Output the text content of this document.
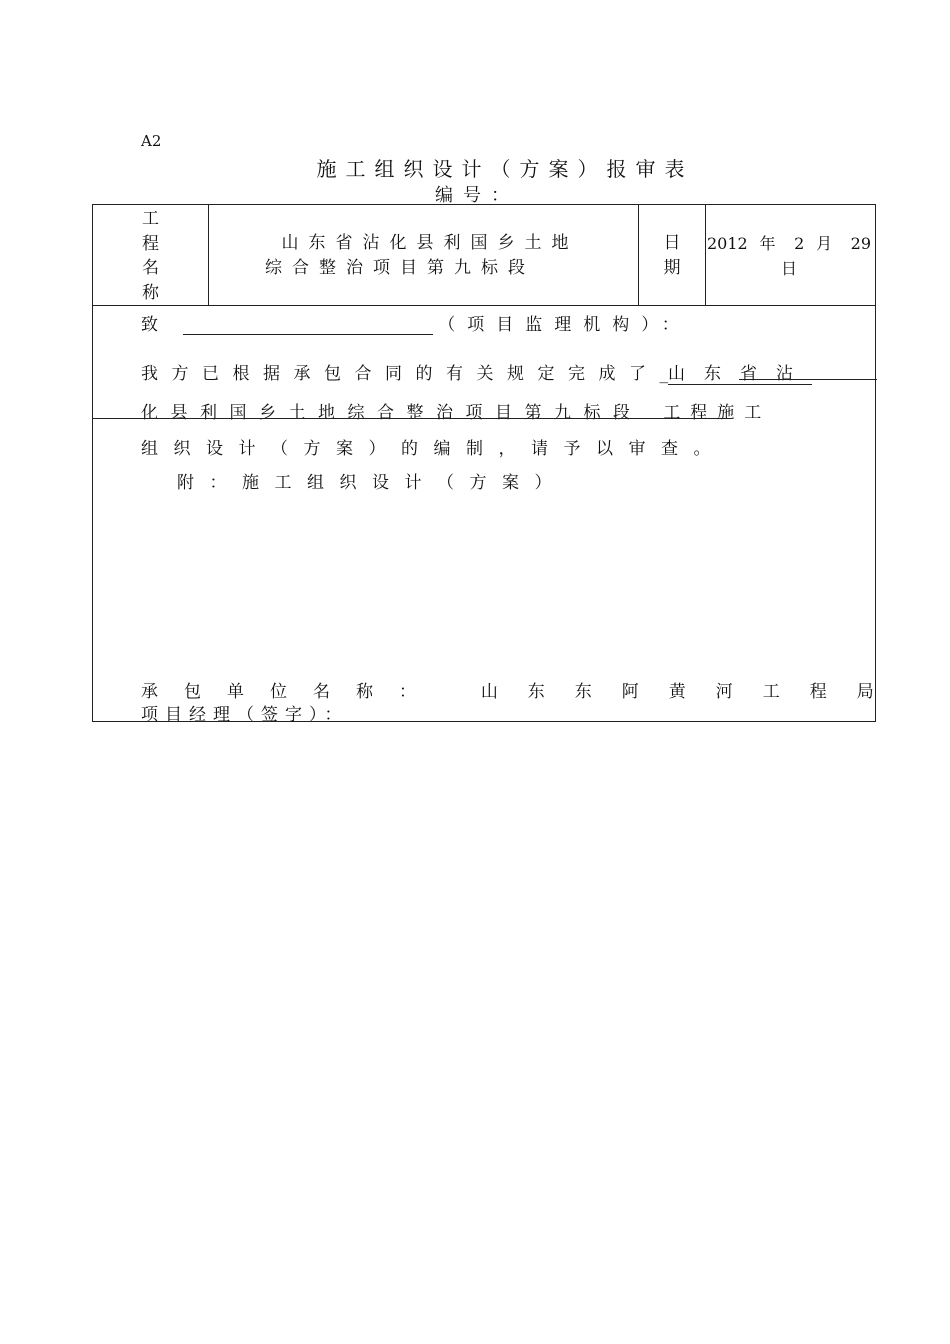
A2
施工组织设计（方案）报审表
编号：
工
程
名
称
山东省沾化县利国乡土地
综合整治项目第九标段
日
期
2012 年 2 月 29
日
致	（项目监理机构）：
我方已根据承包合同的有关规定完成了_山东省沾
化县利国乡土地综合整治项目第九标段 工程施工
组织设计（方案）的编制，请予以审查。
附：施工组织设计（方案）
承包单位名称： 山东东阿黄河工程局
项目经理（签字）：
